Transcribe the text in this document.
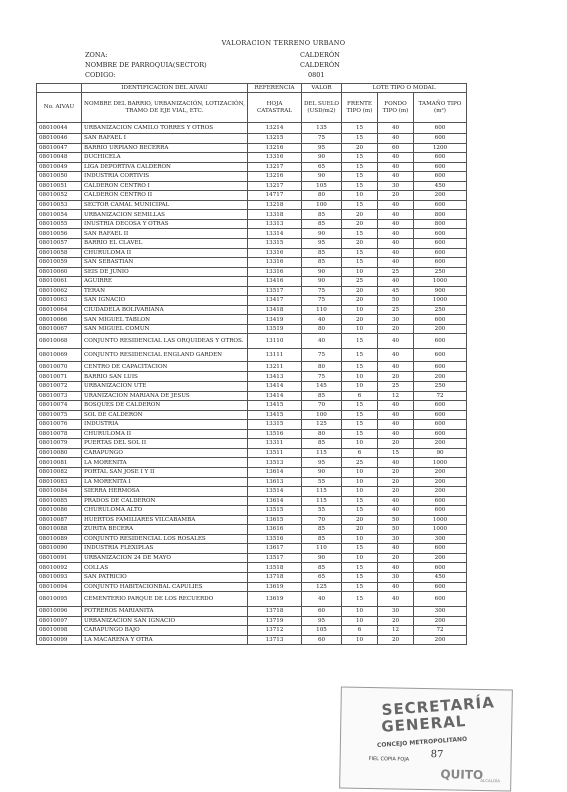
VALORACION TERRENO URBANO
ZONA:	CALDERÓN
NOMBRE DE PARROQUIA(SECTOR)	CALDERÓN
CODIGO:	0801
	IDENTIFICACION DEL AIVAU	REFERENCIA	VALOR	LOTE TIPO O MODAL		
No. AIVAU	NOMBRE DEL BARRIO, URBANIZACIÓN, LOTIZACIÓN, TRAMO DE EJE VIAL, ETC.	HOJA CATASTRAL	DEL SUELO (USD/m2)	FRENTE TIPO (m)	FONDO TIPO (m)	TAMAÑO TIPO (m²)
08010044	URBANIZACION CAMILO TORRES Y OTROS	13214	135	15	40	600
08010046	SAN RAFAEL I	13215	75	15	40	600
08010047	BARRIO URPIANO BECERRA	13216	95	20	60	1200
08010048	DUCHICELA	13316	90	15	40	600
08010049	LIGA DEPORTIVA CALDERON	13217	65	15	40	600
08010050	INDUSTRIA CORTIVIS	13216	90	15	40	600
08010051	CALDERON CENTRO I	13217	105	15	30	450
08010052	CALDERON CENTRO II	14717	80	10	20	200
08010053	SECTOR CAMAL MUNICIPAL	13218	100	15	40	600
08010054	URBANIZACION SEMILLAS	13318	85	20	40	800
08010055	INUSTRIA DECOSA Y OTRAS	13313	85	20	40	800
08010056	SAN RAFAEL II	13314	90	15	40	600
08010057	BARRIO EL CLAVEL	13315	95	20	40	600
08010058	CHURULOMA II	13316	85	15	40	600
08010059	SAN SEBASTIAN	13316	85	15	40	600
08010060	SEIS DE JUNIO	13316	90	10	25	250
08010061	AGUIRRE	13416	90	25	40	1000
08010062	TERAN	13517	75	20	45	900
08010063	SAN IGNACIO	13417	75	20	50	1000
08010064	CIUDADELA BOLIVARIANA	13418	110	10	25	250
08010066	SAN MIGUEL TABLON	13419	40	20	30	600
08010067	SAN MIGUEL COMUN	13519	80	10	20	200
08010068	CONJUNTO RESIDENCIAL LAS ORQUIDEAS Y OTROS.	13110	40	15	40	600
08010069	CONJUNTO RESIDENCIAL ENGLAND GARDEN	13111	75	15	40	600
08010070	CENTRO DE CAPACITACION	13211	80	15	40	600
08010071	BARRIO SAN LUIS	13413	75	10	20	200
08010072	URBANIZACION UTE	13414	145	10	25	250
08010073	URANIZACION MARIANA DE JESUS	13414	85	6	12	72
08010074	BOSQUES DE CALDERON	13415	70	15	40	600
08010075	SOL DE CALDERON	13415	100	15	40	600
08010076	INDUSTRIA	13315	125	15	40	600
08010078	CHURULOMA II	13516	80	15	40	600
08010079	PUERTAS DEL SOL II	13311	85	10	20	200
08010080	CARAPUNGO	13511	115	6	15	90
08010081	LA MORENITA	13513	95	25	40	1000
08010082	PORTAL SAN JOSE I Y II	13614	90	10	20	200
08010083	LA MORENITA I	13613	55	10	20	200
08010084	SIERRA HERMOSA	13514	115	10	20	200
08010085	PRADOS DE CALDERON	13614	115	15	40	600
08010086	CHURULOMA ALTO	13515	55	15	40	600
08010087	HUERTOS FAMILIARES VILCABAMBA	13615	70	20	50	1000
08010088	ZURITA BECERA	13616	85	20	50	1000
08010089	CONJUNTO RESIDENCIAL LOS ROSALES	13516	85	10	30	300
08010090	INDUSTRIA FLEXIPLAS	13617	110	15	40	600
08010091	URBANIZACION 24 DE MAYO	13517	90	10	20	200
08010092	COLLAS	13518	85	15	40	600
08010093	SAN PATRICIO	13718	65	15	30	450
08010094	CONJUNTO HABITACIONBAL CAPULIES	13619	125	15	40	600
08010095	CEMENTERIO PARQUE DE LOS RECUERDO	13619	40	15	40	600
08010096	POTREROS MARIANITA	13718	60	10	30	300
08010097	URBANIZACION SAN IGNACIO	13719	95	10	20	200
08010098	CARAPUNGO BAJO	13712	105	6	12	72
08010099	LA MACARENA Y OTRA	13713	60	10	20	200
SECRETARÍA
GENERAL
CONCEJO METROPOLITANO
FIEL COPIA FOJA 87
QUITO
ALCALDÍA
